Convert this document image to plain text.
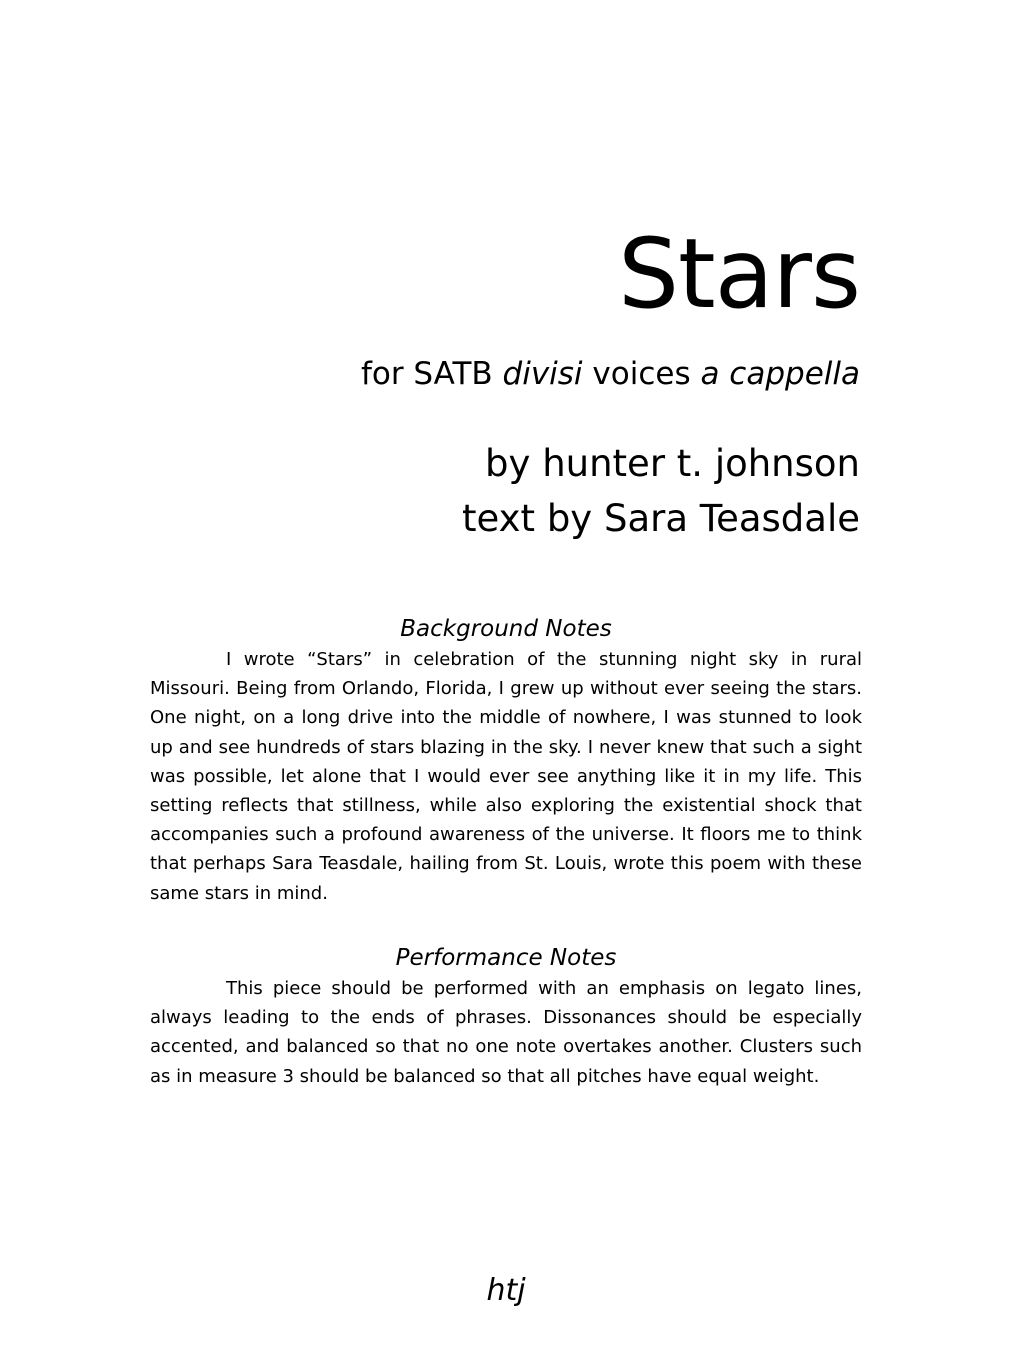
Stars

for SATB divisi voices a cappella

by hunter t. johnson

text by Sara Teasdale

Background Notes

I wrote “Stars” in celebration of the stunning night sky in rural Missouri. Being from Orlando, Florida, I grew up without ever seeing the stars. One night, on a long drive into the middle of nowhere, I was stunned to look up and see hundreds of stars blazing in the sky. I never knew that such a sight was possible, let alone that I would ever see anything like it in my life. This setting reflects that stillness, while also exploring the existential shock that accompanies such a profound awareness of the universe. It floors me to think that perhaps Sara Teasdale, hailing from St. Louis, wrote this poem with these same stars in mind.

Performance Notes

This piece should be performed with an emphasis on legato lines, always leading to the ends of phrases. Dissonances should be especially accented, and balanced so that no one note overtakes another. Clusters such as in measure 3 should be balanced so that all pitches have equal weight.

htj
